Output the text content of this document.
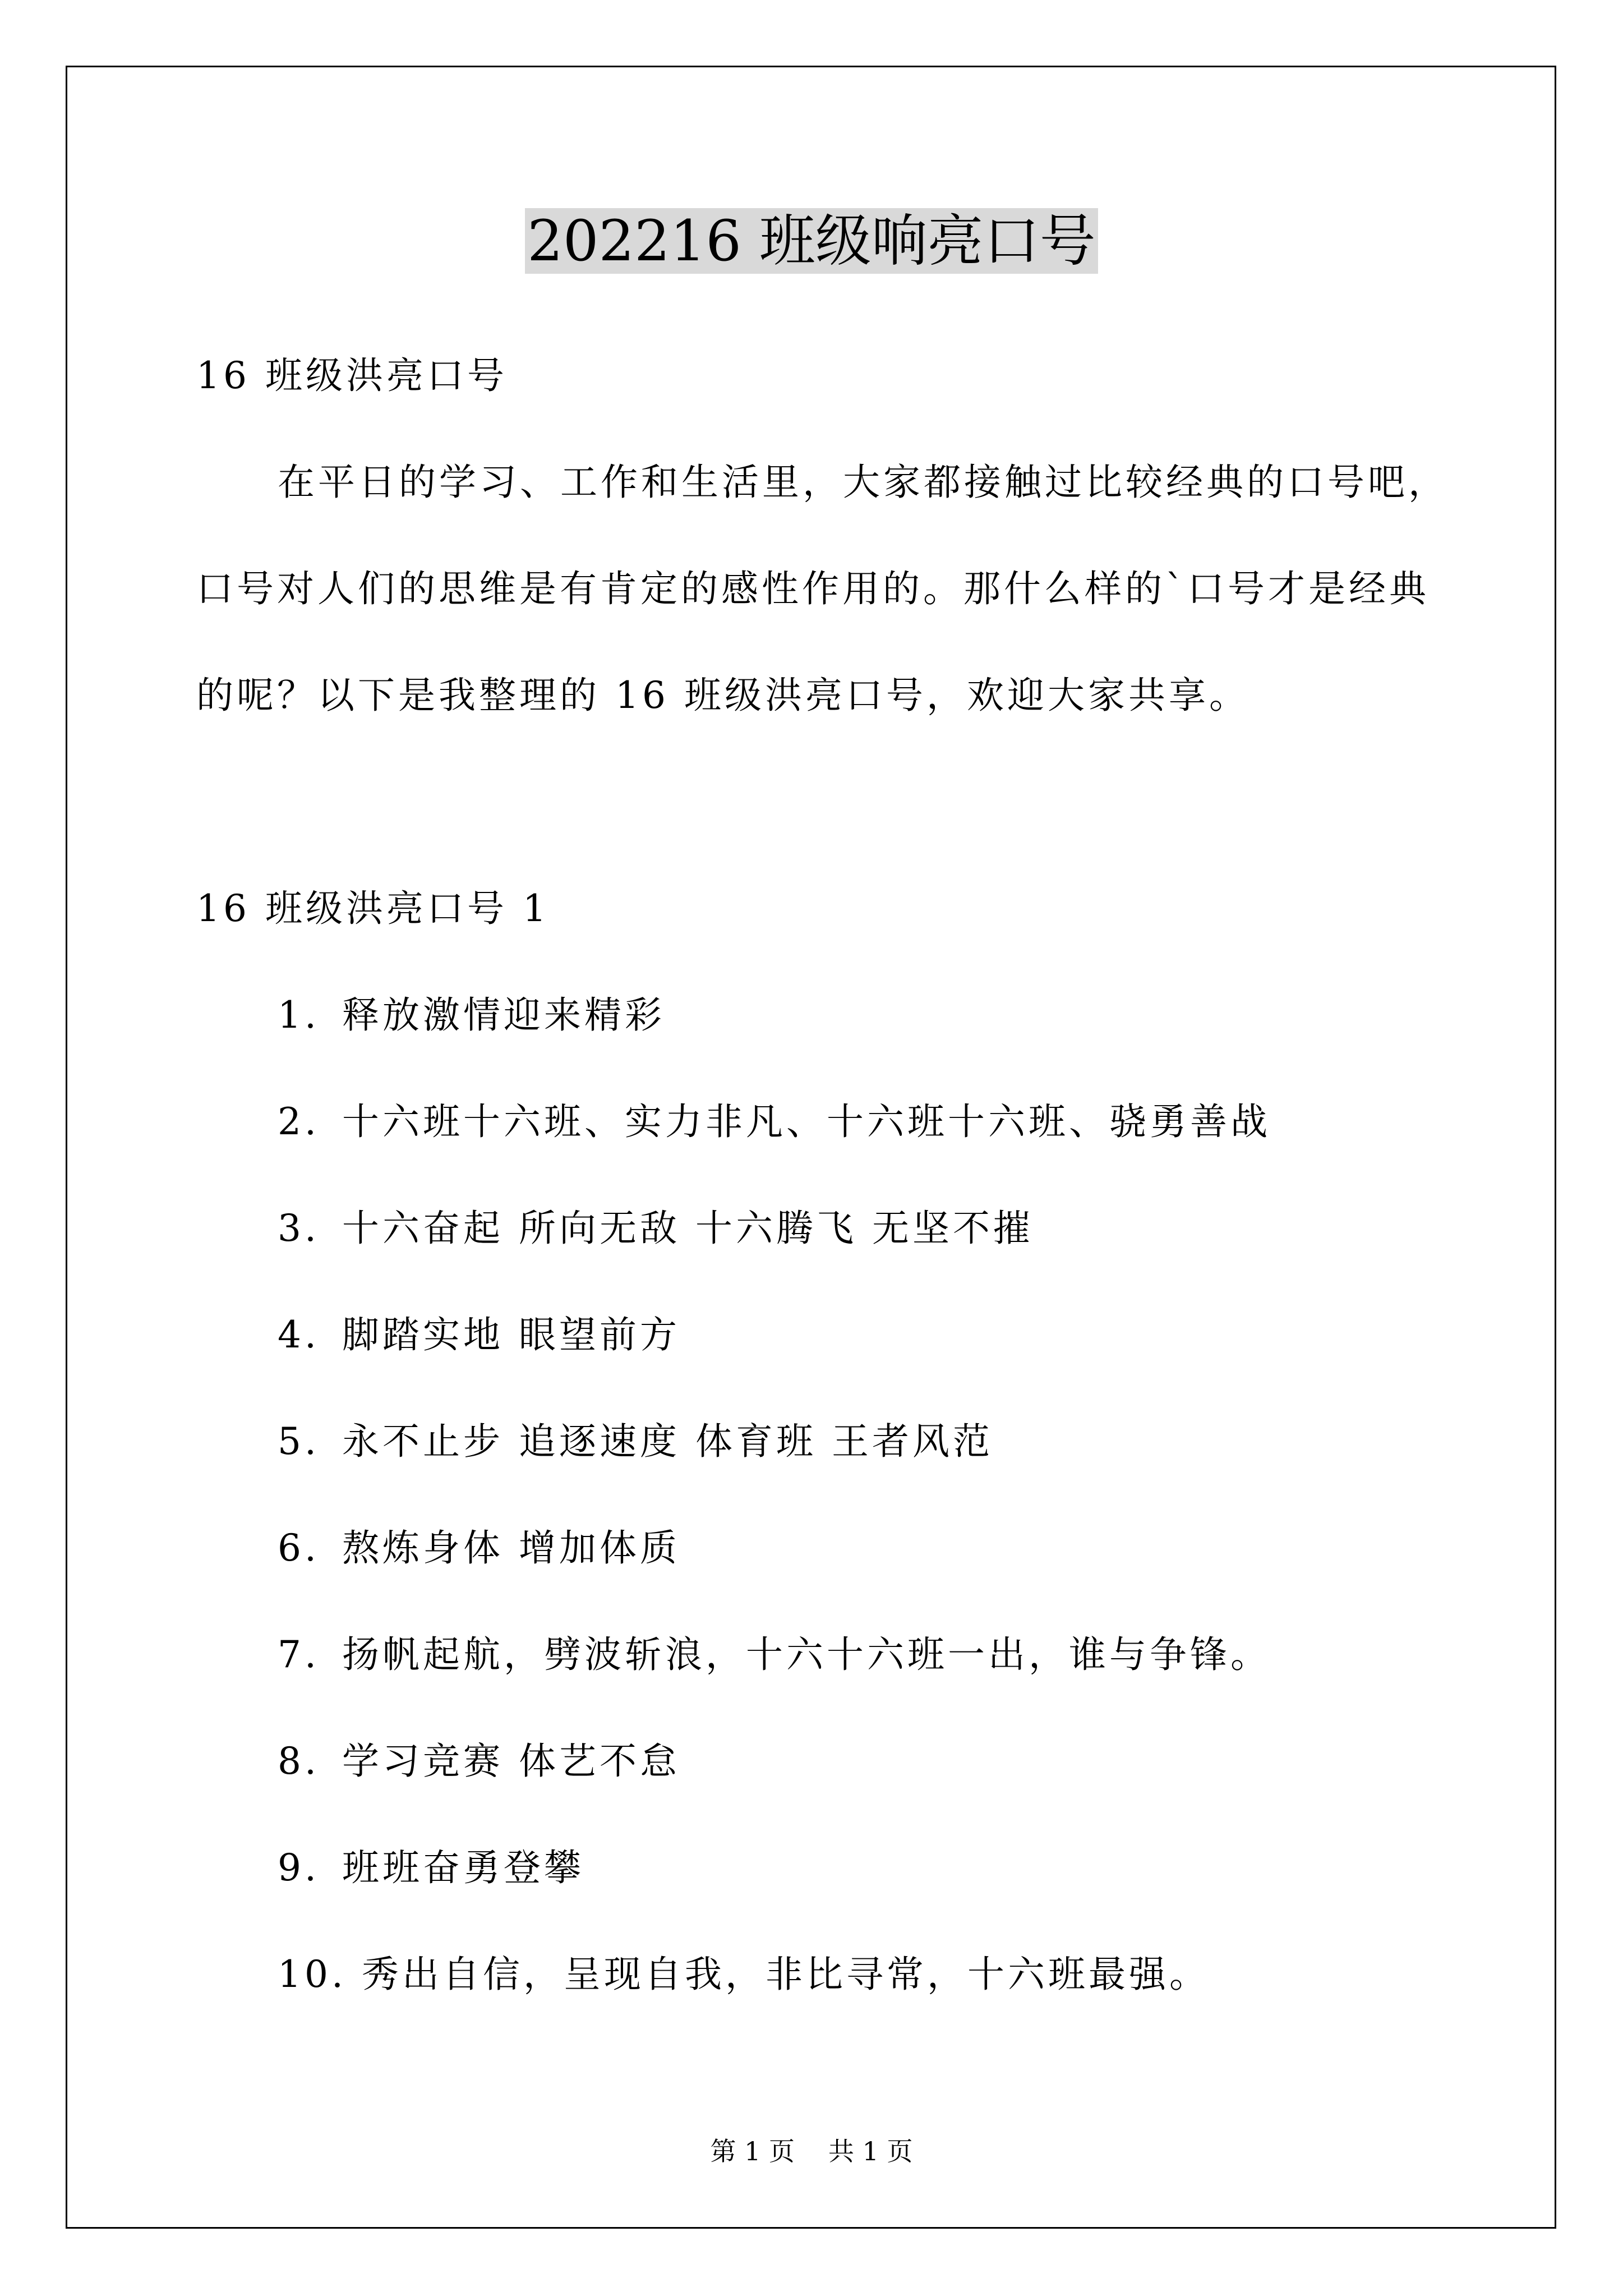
202216 班级响亮口号
16 班级洪亮口号
在平日的学习、工作和生活里，大家都接触过比较经典的口号吧，
口号对人们的思维是有肯定的感性作用的。那什么样的`口号才是经典
的呢？以下是我整理的 16 班级洪亮口号，欢迎大家共享。
16 班级洪亮口号 1
1. 释放激情迎来精彩
2. 十六班十六班、实力非凡、十六班十六班、骁勇善战
3. 十六奋起 所向无敌 十六腾飞 无坚不摧
4. 脚踏实地 眼望前方
5. 永不止步 追逐速度 体育班 王者风范
6. 熬炼身体 增加体质
7. 扬帆起航，劈波斩浪，十六十六班一出，谁与争锋。
8. 学习竞赛 体艺不怠
9. 班班奋勇登攀
10. 秀出自信，呈现自我，非比寻常，十六班最强。
第 1 页 共 1 页
